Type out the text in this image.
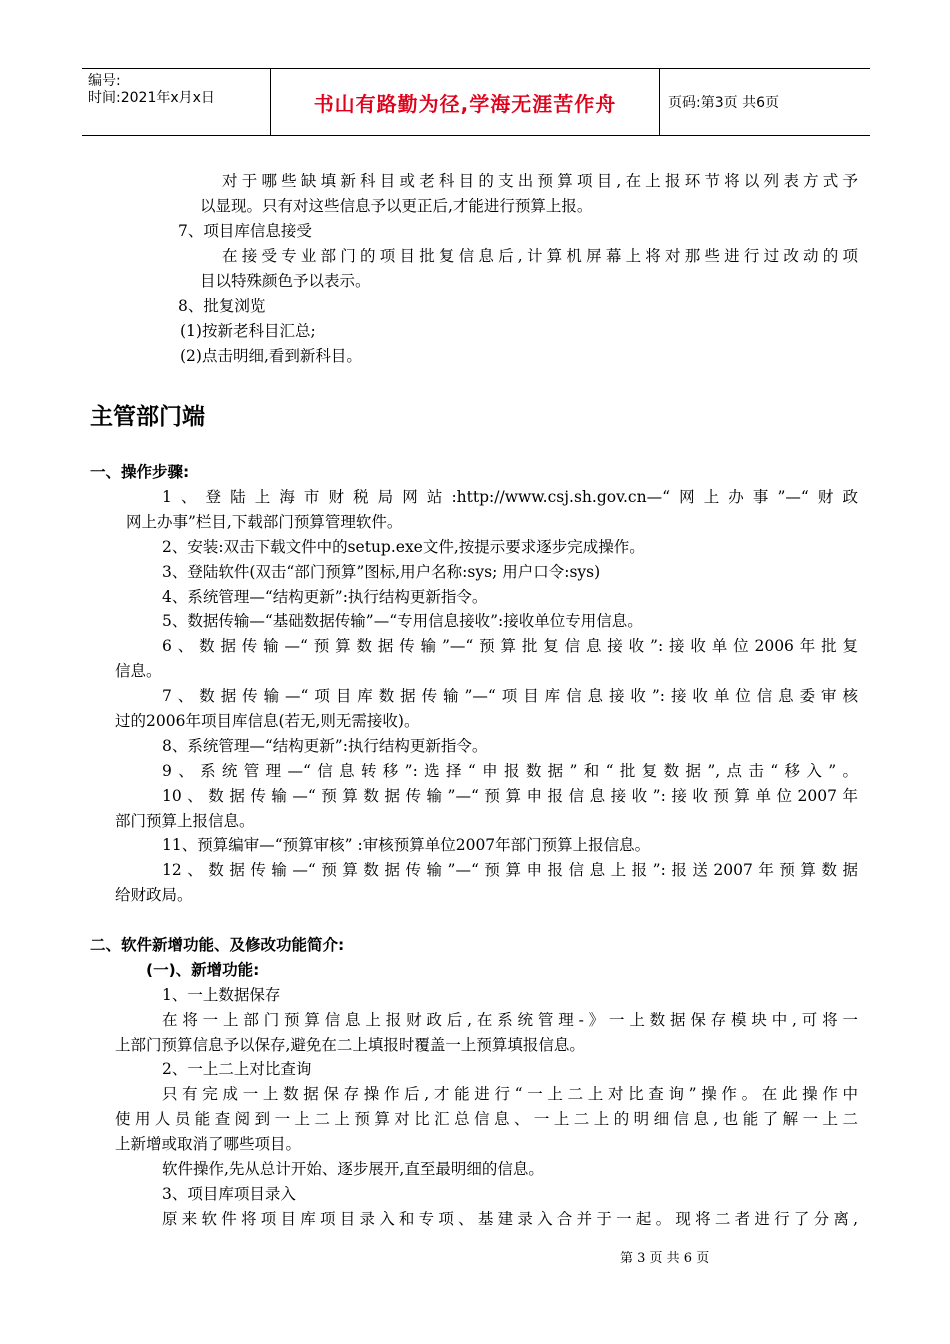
编号:
时间:2021年x月x日	书山有路勤为径,学海无涯苦作舟	页码:第3页 共6页
对于哪些缺填新科目或老科目的支出预算项目,在上报环节将以列表方式予
以显现。只有对这些信息予以更正后,才能进行预算上报。
7、项目库信息接受
在接受专业部门的项目批复信息后,计算机屏幕上将对那些进行过改动的项
目以特殊颜色予以表示。
8、批复浏览
(1)按新老科目汇总;
(2)点击明细,看到新科目。
主管部门端
一、操作步骤:
1、登陆上海市财税局网站:http://www.csj.sh.gov.cn—“网上办事”—“财政
网上办事”栏目,下载部门预算管理软件。
2、安装:双击下载文件中的setup.exe文件,按提示要求逐步完成操作。
3、登陆软件(双击“部门预算”图标,用户名称:sys; 用户口令:sys)
4、系统管理—“结构更新”:执行结构更新指令。
5、数据传输—“基础数据传输”—“专用信息接收”:接收单位专用信息。
6、数据传输—“预算数据传输”—“预算批复信息接收”:接收单位2006年批复
信息。
7、数据传输—“项目库数据传输”—“项目库信息接收”:接收单位信息委审核
过的2006年项目库信息(若无,则无需接收)。
8、系统管理—“结构更新”:执行结构更新指令。
9、系统管理—“信息转移”:选择“申报数据”和“批复数据”,点击“移入”。
10、数据传输—“预算数据传输”—“预算申报信息接收”:接收预算单位2007年
部门预算上报信息。
11、预算编审—“预算审核” :审核预算单位2007年部门预算上报信息。
12、数据传输—“预算数据传输”—“预算申报信息上报”:报送2007年预算数据
给财政局。
二、软件新增功能、及修改功能简介:
(一)、新增功能:
1、一上数据保存
在将一上部门预算信息上报财政后,在系统管理-》一上数据保存模块中,可将一
上部门预算信息予以保存,避免在二上填报时覆盖一上预算填报信息。
2、一上二上对比查询
只有完成一上数据保存操作后,才能进行“一上二上对比查询”操作。在此操作中
使用人员能查阅到一上二上预算对比汇总信息、一上二上的明细信息,也能了解一上二
上新增或取消了哪些项目。
软件操作,先从总计开始、逐步展开,直至最明细的信息。
3、项目库项目录入
原来软件将项目库项目录入和专项、基建录入合并于一起。现将二者进行了分离,
第 3 页 共 6 页
